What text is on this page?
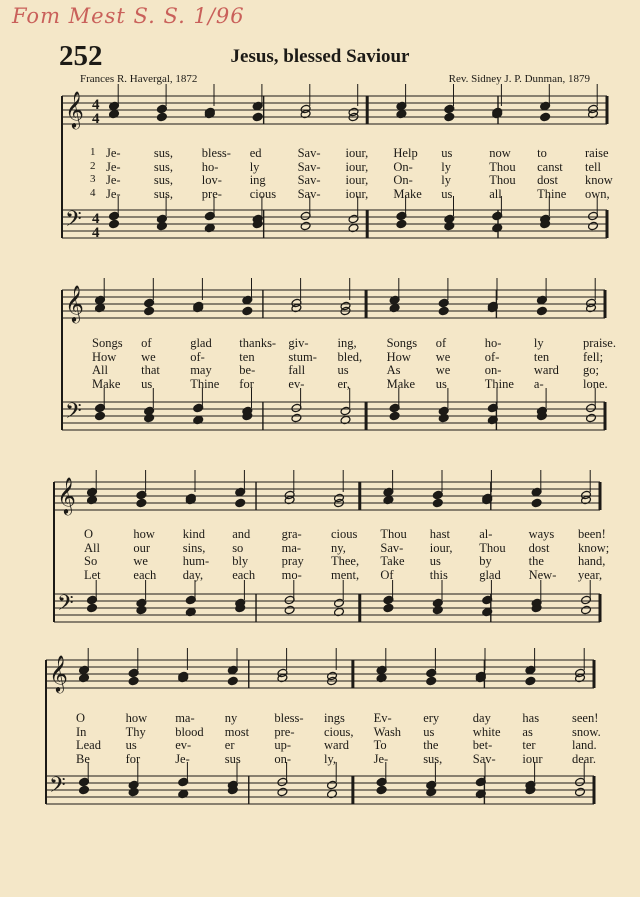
Fom Mest S. S. 1/96
252	Jesus, blessed Saviour
Frances R. Havergal, 1872	Rev. Sidney J. P. Dunman, 1879
𝄞
𝄢
4
4
4
4
𝄞
𝄢
𝄞
𝄢
𝄞
𝄢
1 Je-	sus, bless- ed	Sav- iour, Help us	now to	raise
2 Je-	sus, ho- ly	Sav- iour, On- ly	Thou canst tell
3 Je-	sus, lov- ing	Sav- iour, On- ly	Thou dost know
4 Je-	sus, pre- cious Sav- iour, Make us	all	Thine own,
Songs of	glad thanks- giv- ing, Songs of	ho-	ly	praise.
How we	of-	ten	stum- bled, How we	of-	ten	fell;
All	that may be-	fall	us	As	we	on-	ward go;
Make us	Thine for	ev-	er,	Make us	Thine a-	lone.
O	how kind and	gra- cious Thou hast al-	ways been!
All	our	sins, so	ma- ny,	Sav- iour, Thou dost know;
So	we	hum- bly	pray Thee, Take us	by	the	hand,
Let	each day, each mo- ment, Of	this	glad New- year,
O	how ma- ny	bless- ings Ev-	ery	day	has	seen!
In	Thy blood most pre- cious, Wash us	white as	snow.
Lead us	ev-	er	up-	ward To	the	bet- ter	land.
Be	for	Je-	sus	on-	ly,	Je-	sus, Sav- iour dear.
